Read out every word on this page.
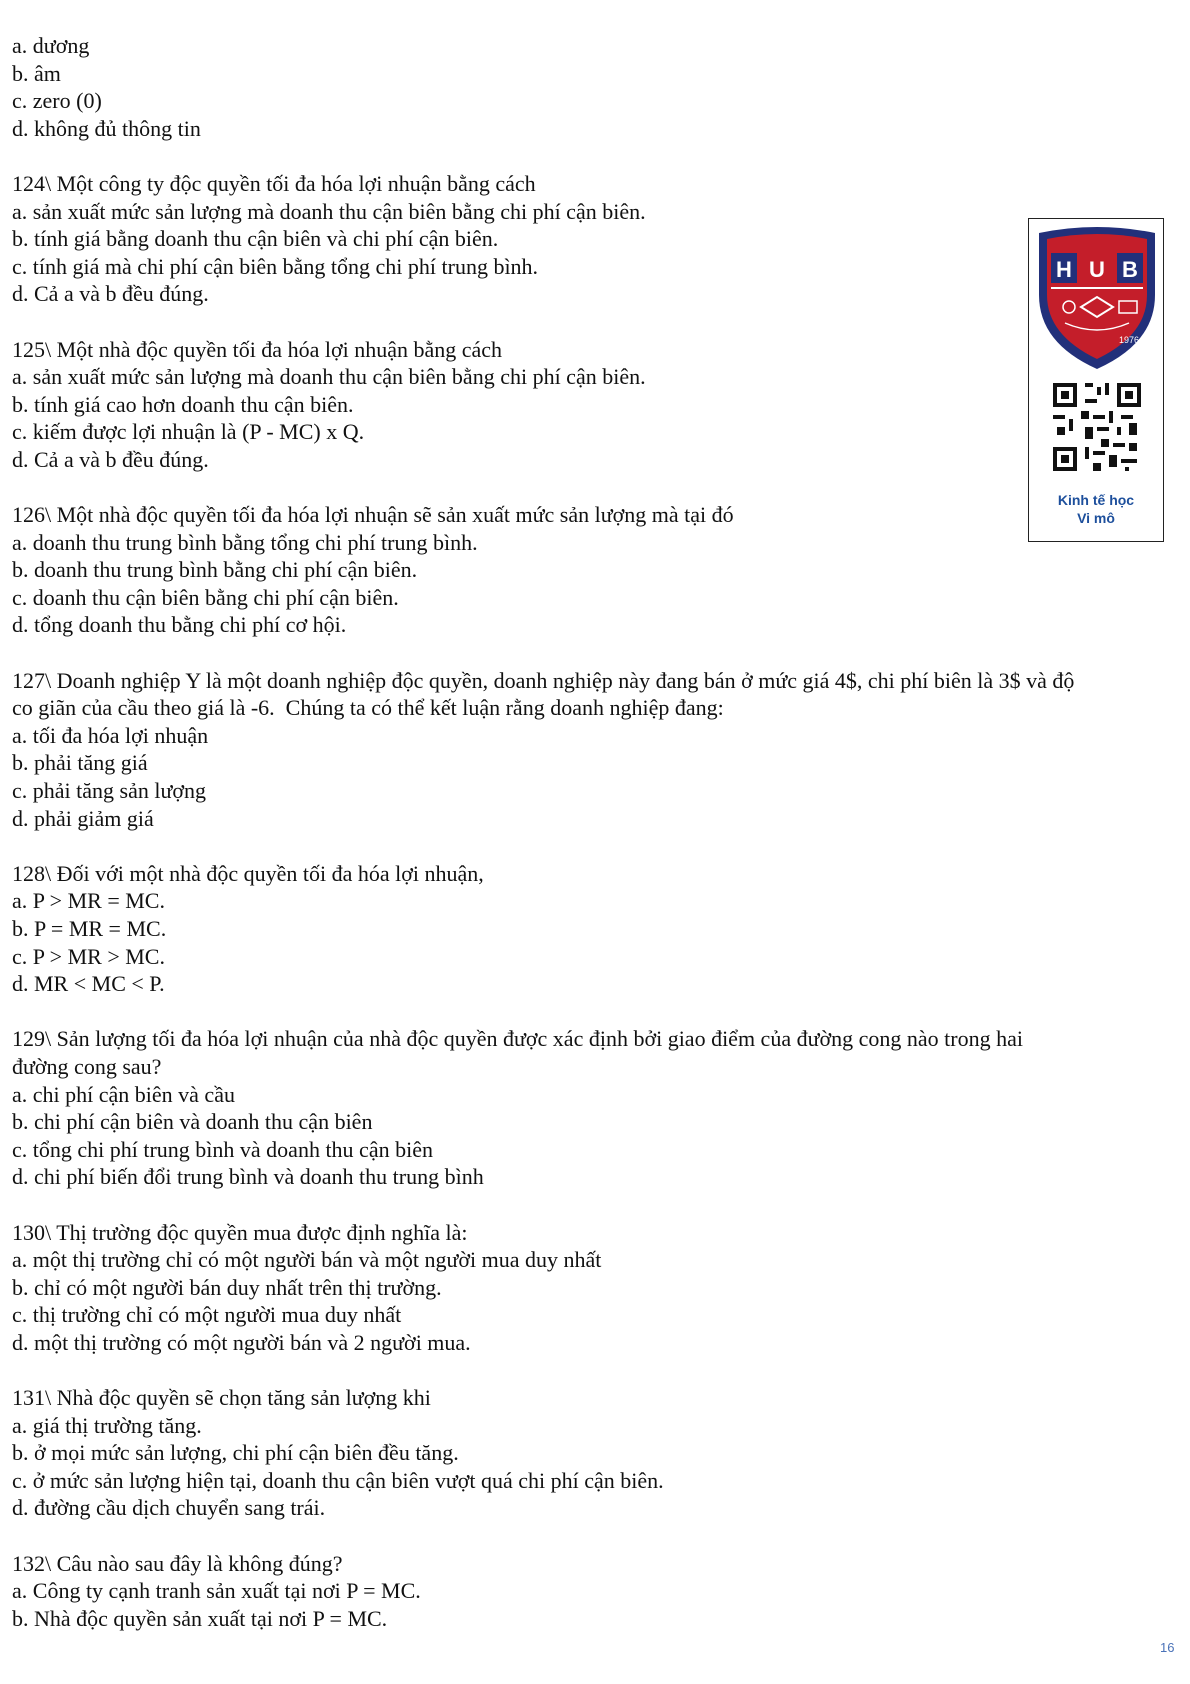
a. dương
b. âm
c. zero (0)
d. không đủ thông tin
124\ Một công ty độc quyền tối đa hóa lợi nhuận bằng cách
a. sản xuất mức sản lượng mà doanh thu cận biên bằng chi phí cận biên.
b. tính giá bằng doanh thu cận biên và chi phí cận biên.
c. tính giá mà chi phí cận biên bằng tổng chi phí trung bình.
d. Cả a và b đều đúng.
125\ Một nhà độc quyền tối đa hóa lợi nhuận bằng cách
a. sản xuất mức sản lượng mà doanh thu cận biên bằng chi phí cận biên.
b. tính giá cao hơn doanh thu cận biên.
c. kiếm được lợi nhuận là (P - MC) x Q.
d. Cả a và b đều đúng.
126\ Một nhà độc quyền tối đa hóa lợi nhuận sẽ sản xuất mức sản lượng mà tại đó
a. doanh thu trung bình bằng tổng chi phí trung bình.
b. doanh thu trung bình bằng chi phí cận biên.
c. doanh thu cận biên bằng chi phí cận biên.
d. tổng doanh thu bằng chi phí cơ hội.
127\ Doanh nghiệp Y là một doanh nghiệp độc quyền, doanh nghiệp này đang bán ở mức giá 4$, chi phí biên là 3$ và độ
co giãn của cầu theo giá là -6.  Chúng ta có thể kết luận rằng doanh nghiệp đang:
a. tối đa hóa lợi nhuận
b. phải tăng giá
c. phải tăng sản lượng
d. phải giảm giá
128\ Đối với một nhà độc quyền tối đa hóa lợi nhuận,
a. P > MR = MC.
b. P = MR = MC.
c. P > MR > MC.
d. MR < MC < P.
129\ Sản lượng tối đa hóa lợi nhuận của nhà độc quyền được xác định bởi giao điểm của đường cong nào trong hai
đường cong sau?
a. chi phí cận biên và cầu
b. chi phí cận biên và doanh thu cận biên
c. tổng chi phí trung bình và doanh thu cận biên
d. chi phí biến đổi trung bình và doanh thu trung bình
130\ Thị trường độc quyền mua được định nghĩa là:
a. một thị trường chỉ có một người bán và một người mua duy nhất
b. chỉ có một người bán duy nhất trên thị trường.
c. thị trường chỉ có một người mua duy nhất
d. một thị trường có một người bán và 2 người mua.
131\ Nhà độc quyền sẽ chọn tăng sản lượng khi
a. giá thị trường tăng.
b. ở mọi mức sản lượng, chi phí cận biên đều tăng.
c. ở mức sản lượng hiện tại, doanh thu cận biên vượt quá chi phí cận biên.
d. đường cầu dịch chuyển sang trái.
132\ Câu nào sau đây là không đúng?
a. Công ty cạnh tranh sản xuất tại nơi P = MC.
b. Nhà độc quyền sản xuất tại nơi P = MC.
H U B
1976
Kinh tế học
Vi mô
16
